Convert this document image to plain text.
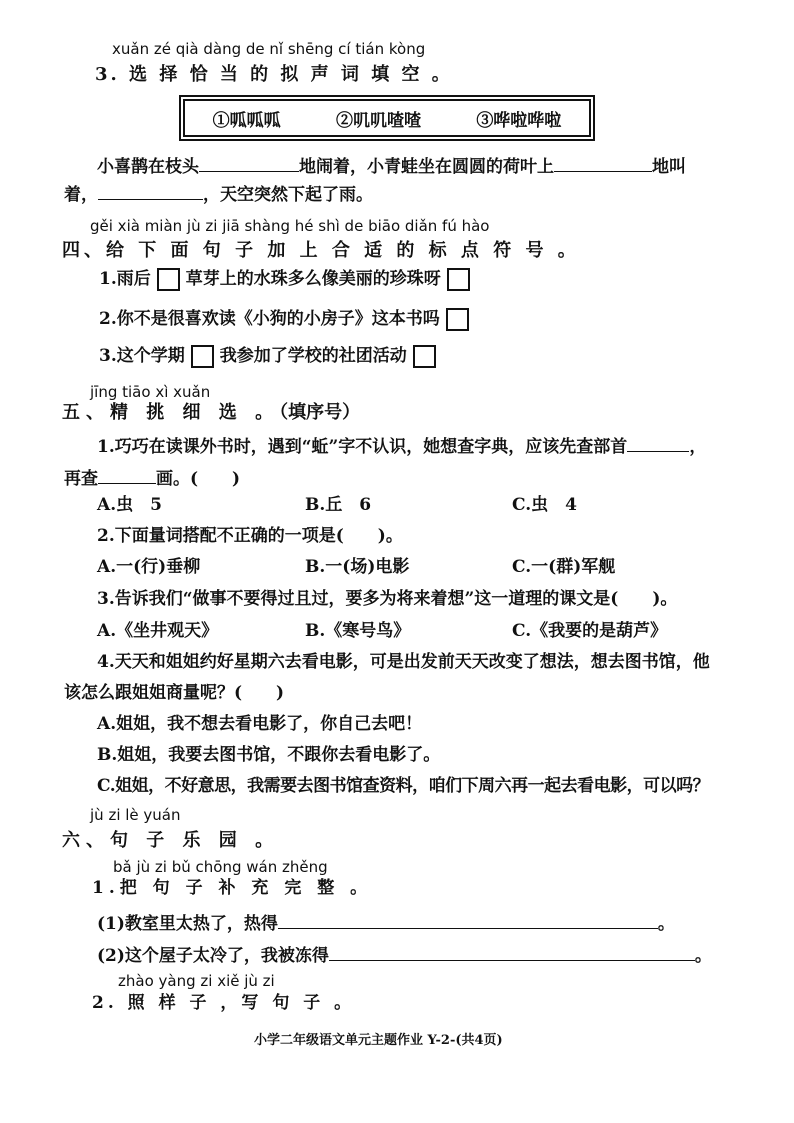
xuǎn zé qià dàng de nǐ shēng cí tián kòng
3. 选 择 恰 当 的 拟 声 词 填 空 。
①呱呱呱	②叽叽喳喳	③哗啦哗啦
小喜鹊在枝头	地闹着，小青蛙坐在圆圆的荷叶上	地叫
着，	，天空突然下起了雨。
gěi xià miàn jù zi jiā shàng hé shì de biāo diǎn fú hào
四、给 下 面 句 子 加 上 合 适 的 标 点 符 号 。
1.雨后 草芽上的水珠多么像美丽的珍珠呀
2.你不是很喜欢读《小狗的小房子》这本书吗
3.这个学期 我参加了学校的社团活动
jīng tiāo xì xuǎn
五、精 挑 细 选 。（填序号）
1.巧巧在读课外书时，遇到“蚯”字不认识，她想查字典，应该先查部首	，
再查	画。( )
A.虫　5	B.丘　6	C.虫　4
2.下面量词搭配不正确的一项是( )。
A.一(行)垂柳	B.一(场)电影	C.一(群)军舰
3.告诉我们“做事不要得过且过，要多为将来着想”这一道理的课文是( )。
A.《坐井观天》	B.《寒号鸟》	C.《我要的是葫芦》
4.天天和姐姐约好星期六去看电影，可是出发前天天改变了想法，想去图书馆，他
该怎么跟姐姐商量呢？( )
A.姐姐，我不想去看电影了，你自己去吧！
B.姐姐，我要去图书馆，不跟你去看电影了。
C.姐姐，不好意思，我需要去图书馆查资料，咱们下周六再一起去看电影，可以吗？
jù zi lè yuán
六、句 子 乐 园 。
bǎ jù zi bǔ chōng wán zhěng
1.把 句 子 补 充 完 整 。
(1)教室里太热了，热得	。
(2)这个屋子太冷了，我被冻得	。
zhào yàng zi xiě jù zi
2. 照 样 子 ，写 句 子 。
小学二年级语文单元主题作业 Y-2-(共4页)
